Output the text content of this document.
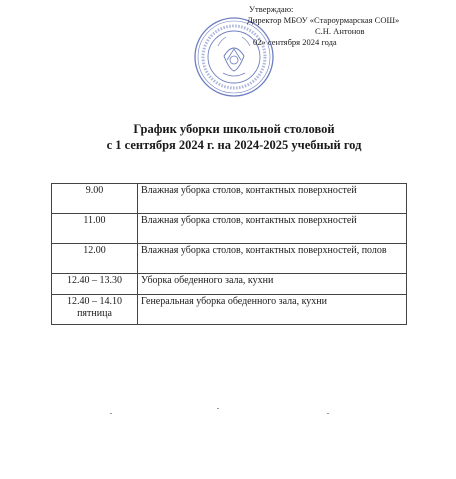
Утверждаю:
Директор МБОУ «Староурмарская СОШ»
С.Н. Антонов
02» сентября 2024 года
График уборки школьной столовой
с 1 сентября 2024 г. на 2024-2025 учебный год
9.00	Влажная уборка столов, контактных поверхностей
11.00	Влажная уборка столов, контактных поверхностей
12.00	Влажная уборка столов, контактных поверхностей, полов
12.40 – 13.30	Уборка обеденного зала, кухни

12.40 – 14.10
пятница	Генеральная уборка обеденного зала, кухни
